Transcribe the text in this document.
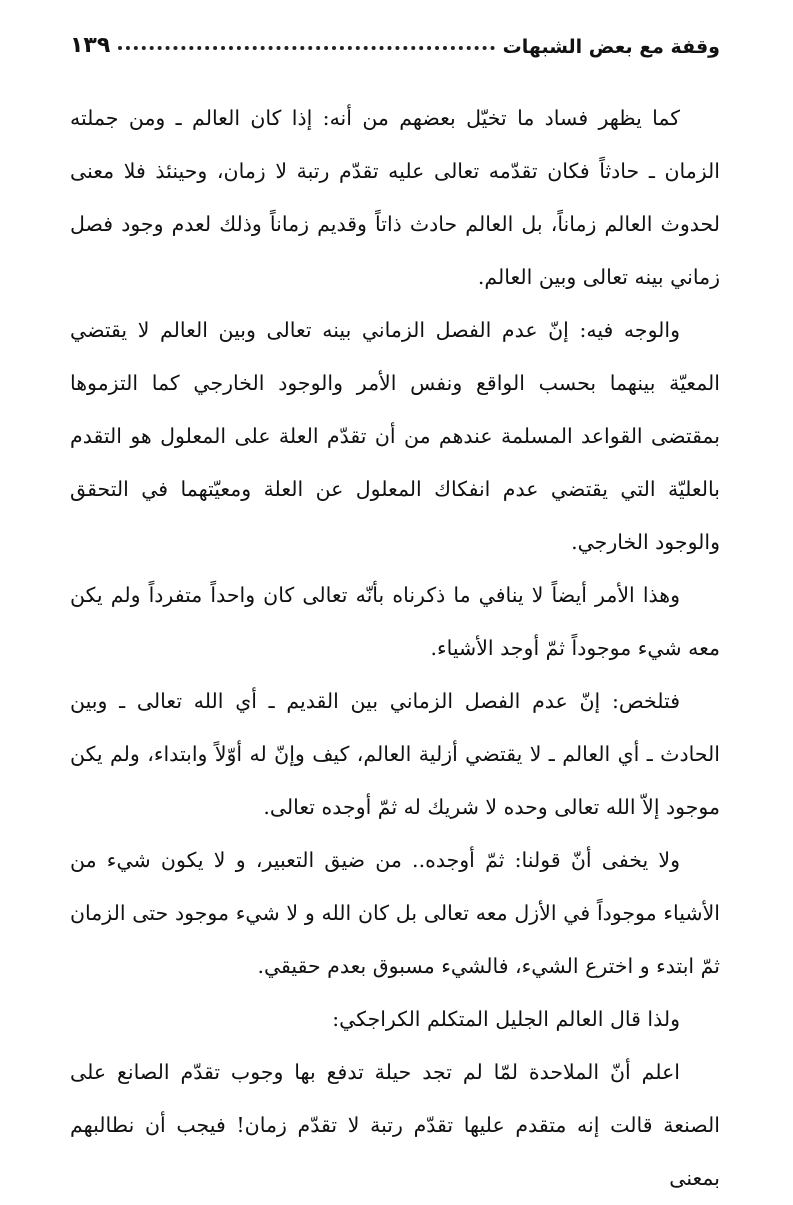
وقفة مع بعض الشبهات
١٣٩

كما يظهر فساد ما تخيّل بعضهم من أنه: إذا كان العالم ـ ومن جملته الزمان ـ حادثاً فكان تقدّمه تعالى عليه تقدّم رتبة لا زمان، وحينئذ فلا معنى لحدوث العالم زماناً، بل العالم حادث ذاتاً وقديم زماناً وذلك لعدم وجود فصل زماني بينه تعالى وبين العالم.

والوجه فيه: إنّ عدم الفصل الزماني بينه تعالى وبين العالم لا يقتضي المعيّة بينهما بحسب الواقع ونفس الأمر والوجود الخارجي كما التزموها بمقتضى القواعد المسلمة عندهم من أن تقدّم العلة على المعلول هو التقدم بالعليّة التي يقتضي عدم انفكاك المعلول عن العلة ومعيّتهما في التحقق والوجود الخارجي.

وهذا الأمر أيضاً لا ينافي ما ذكرناه بأنّه تعالى كان واحداً متفرداً ولم يكن معه شيء موجوداً ثمّ أوجد الأشياء.

فتلخص: إنّ عدم الفصل الزماني بين القديم ـ أي الله تعالى ـ وبين الحادث ـ أي العالم ـ لا يقتضي أزلية العالم، كيف وإنّ له أوّلاً وابتداء، ولم يكن موجود إلاّ الله تعالى وحده لا شريك له ثمّ أوجده تعالى.

ولا يخفى أنّ قولنا: ثمّ أوجده.. من ضيق التعبير، و لا يكون شيء من الأشياء موجوداً في الأزل معه تعالى بل كان الله و لا شيء موجود حتى الزمان ثمّ ابتدء و اخترع الشيء، فالشيء مسبوق بعدم حقيقي.

ولذا قال العالم الجليل المتكلم الكراجكي:

اعلم أنّ الملاحدة لمّا لم تجد حيلة تدفع بها وجوب تقدّم الصانع على الصنعة قالت إنه متقدم عليها تقدّم رتبة لا تقدّم زمان! فيجب أن نطالبهم بمعنى
